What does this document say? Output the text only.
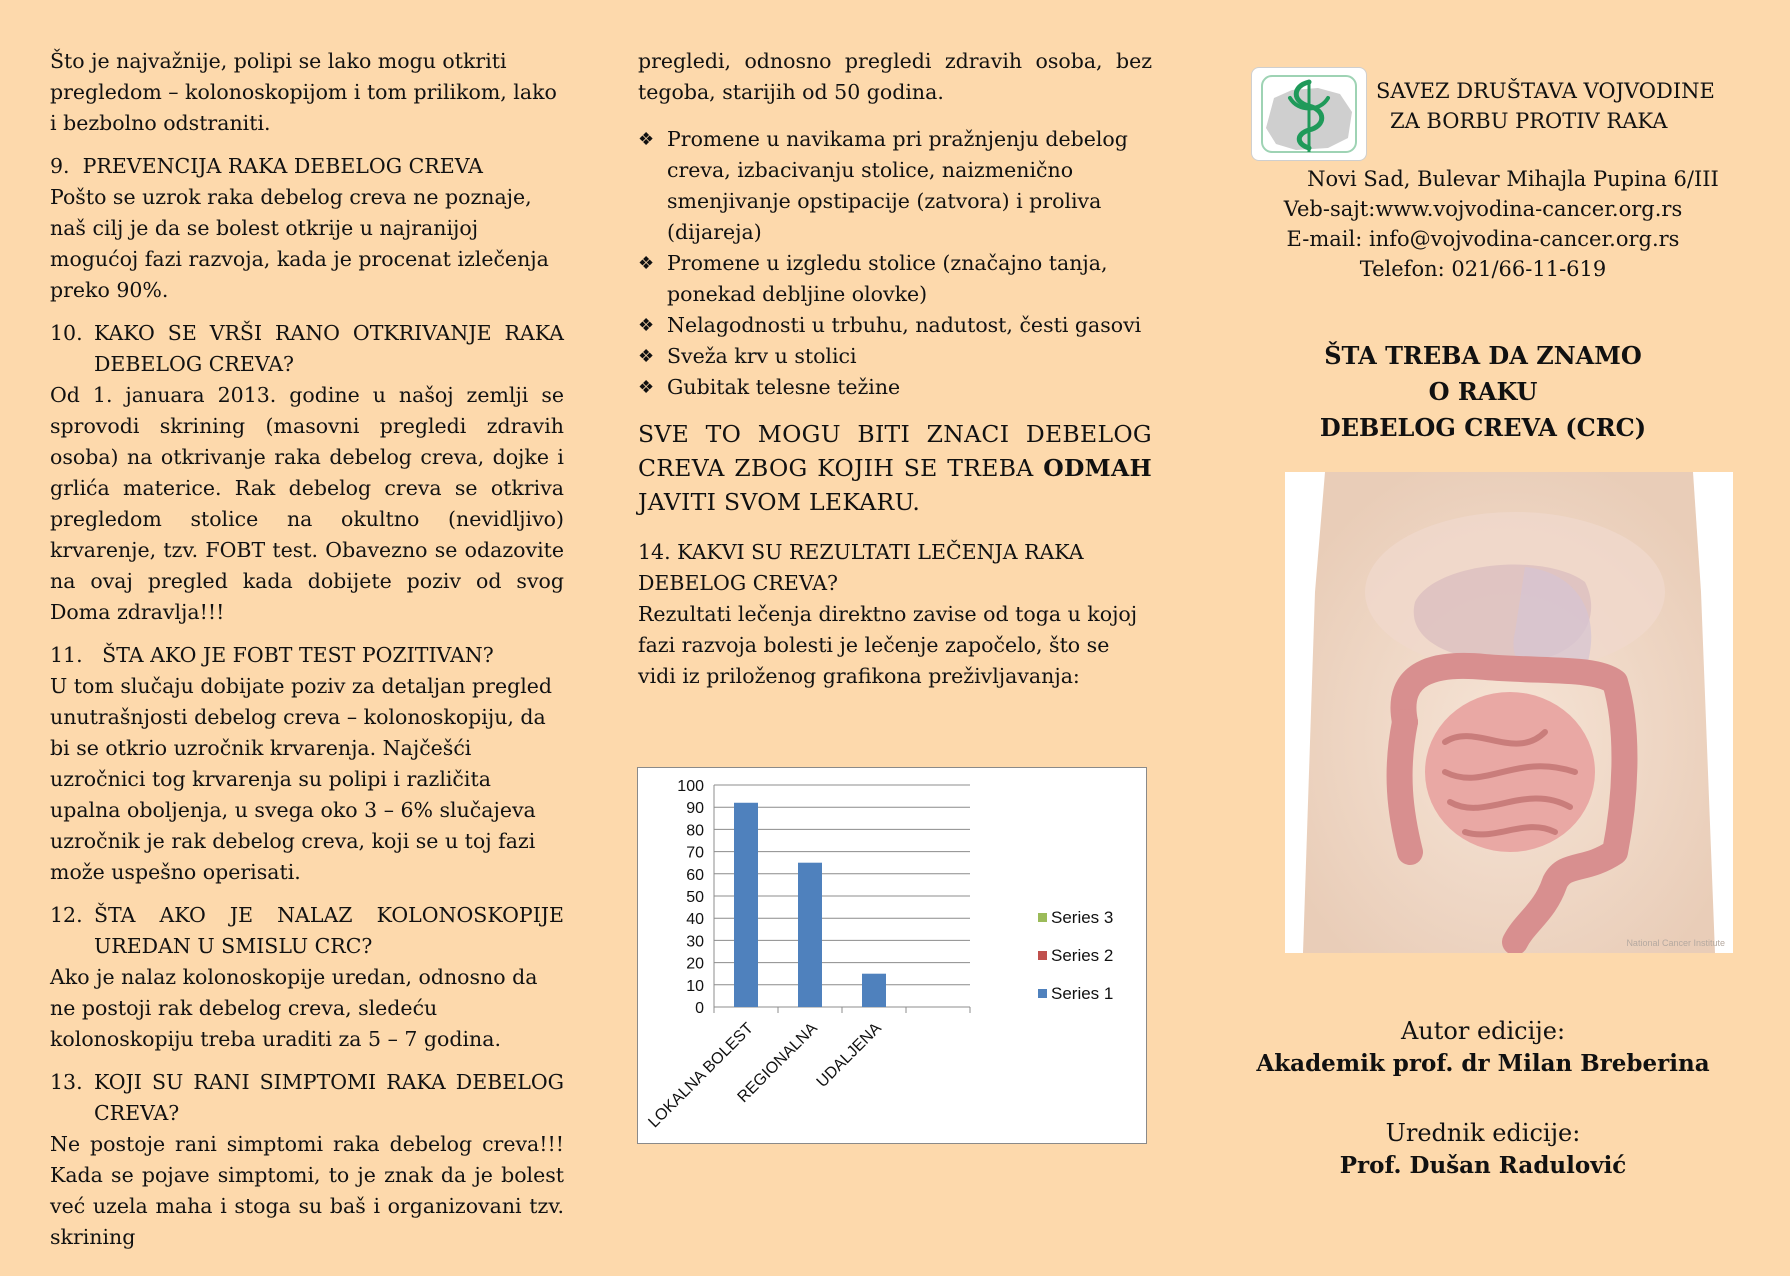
Što je najvažnije, polipi se lako mogu otkriti pregledom – kolonoskopijom i tom prilikom, lako i bezbolno odstraniti.

9. PREVENCIJA RAKA DEBELOG CREVA

Pošto se uzrok raka debelog creva ne poznaje, naš cilj je da se bolest otkrije u najranijoj mogućoj fazi razvoja, kada je procenat izlečenja preko 90%.

10. KAKO SE VRŠI RANO OTKRIVANJE RAKA DEBELOG CREVA?

Od 1. januara 2013. godine u našoj zemlji se sprovodi skrining (masovni pregledi zdravih osoba) na otkrivanje raka debelog creva, dojke i grlića materice. Rak debelog creva se otkriva pregledom stolice na okultno (nevidljivo) krvarenje, tzv. FOBT test. Obavezno se odazovite na ovaj pregled kada dobijete poziv od svog Doma zdravlja!!!

11. ŠTA AKO JE FOBT TEST POZITIVAN?

U tom slučaju dobijate poziv za detaljan pregled unutrašnjosti debelog creva – kolonoskopiju, da bi se otkrio uzročnik krvarenja. Najčešći uzročnici tog krvarenja su polipi i različita upalna oboljenja, u svega oko 3 – 6% slučajeva uzročnik je rak debelog creva, koji se u toj fazi može uspešno operisati.

12. ŠTA AKO JE NALAZ KOLONOSKOPIJE UREDAN U SMISLU CRC?

Ako je nalaz kolonoskopije uredan, odnosno da ne postoji rak debelog creva, sledeću kolonoskopiju treba uraditi za 5 – 7 godina.

13. KOJI SU RANI SIMPTOMI RAKA DEBELOG CREVA?

Ne postoje rani simptomi raka debelog creva!!! Kada se pojave simptomi, to je znak da je bolest već uzela maha i stoga su baš i organizovani tzv. skrining

pregledi, odnosno pregledi zdravih osoba, bez tegoba, starijih od 50 godina.

❖ Promene u navikama pri pražnjenju debelog creva, izbacivanju stolice, naizmenično smenjivanje opstipacije (zatvora) i proliva (dijareja)
❖ Promene u izgledu stolice (značajno tanja, ponekad debljine olovke)
❖ Nelagodnosti u trbuhu, nadutost, česti gasovi
❖ Sveža krv u stolici
❖ Gubitak telesne težine

SVE TO MOGU BITI ZNACI DEBELOG CREVA ZBOG KOJIH SE TREBA ODMAH JAVITI SVOM LEKARU.

14. KAKVI SU REZULTATI LEČENJA RAKA DEBELOG CREVA?

Rezultati lečenja direktno zavise od toga u kojoj fazi razvoja bolesti je lečenje započelo, što se vidi iz priloženog grafikona preživljavanja:

0
10
20
30
40
50
60
70
80
90
100
LOKALNA BOLEST
REGIONALNA
UDALJENA
Series 3
Series 2
Series 1
SAVEZ DRUŠTAVA VOJVODINE
ZA BORBU PROTIV RAKA
Novi Sad, Bulevar Mihajla Pupina 6/III
Veb-sajt:www.vojvodina-cancer.org.rs
E-mail: info@vojvodina-cancer.org.rs
Telefon: 021/66-11-619
ŠTA TREBA DA ZNAMO
O RAKU
DEBELOG CREVA (CRC)
National Cancer Institute
Autor edicije:
Akademik prof. dr Milan Breberina
Urednik edicije:
Prof. Dušan Radulović
